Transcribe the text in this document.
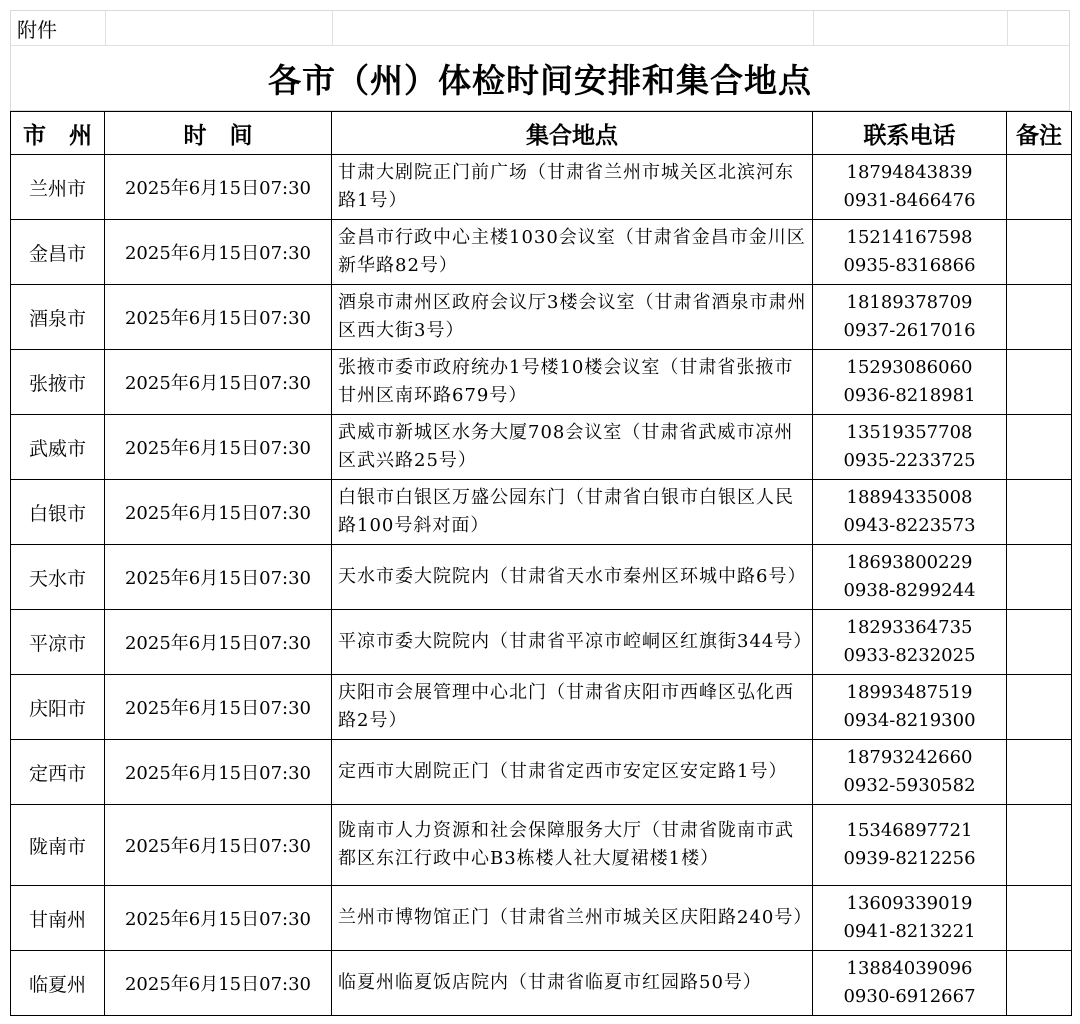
附件
各市（州）体检时间安排和集合地点
市　州	时　间	集合地点	联系电话	备注
兰州市	2025年6月15日07:30	甘肃大剧院正门前广场（甘肃省兰州市城关区北滨河东路1号）	18794843839
0931-8466476	

金昌市	2025年6月15日07:30	金昌市行政中心主楼1030会议室（甘肃省金昌市金川区新华路82号）	15214167598
0935-8316866	

酒泉市	2025年6月15日07:30	酒泉市肃州区政府会议厅3楼会议室（甘肃省酒泉市肃州区西大街3号）	18189378709
0937-2617016	

张掖市	2025年6月15日07:30	张掖市委市政府统办1号楼10楼会议室（甘肃省张掖市甘州区南环路679号）	15293086060
0936-8218981	

武威市	2025年6月15日07:30	武威市新城区水务大厦708会议室（甘肃省武威市凉州区武兴路25号）	13519357708
0935-2233725	

白银市	2025年6月15日07:30	白银市白银区万盛公园东门（甘肃省白银市白银区人民路100号斜对面）	18894335008
0943-8223573	

天水市	2025年6月15日07:30	天水市委大院院内（甘肃省天水市秦州区环城中路6号）	18693800229
0938-8299244	

平凉市	2025年6月15日07:30	平凉市委大院院内（甘肃省平凉市崆峒区红旗街344号）	18293364735
0933-8232025	

庆阳市	2025年6月15日07:30	庆阳市会展管理中心北门（甘肃省庆阳市西峰区弘化西路2号）	18993487519
0934-8219300	

定西市	2025年6月15日07:30	定西市大剧院正门（甘肃省定西市安定区安定路1号）	18793242660
0932-5930582	

陇南市	2025年6月15日07:30	陇南市人力资源和社会保障服务大厅（甘肃省陇南市武都区东江行政中心B3栋楼人社大厦裙楼1楼）	15346897721
0939-8212256	

甘南州	2025年6月15日07:30	兰州市博物馆正门（甘肃省兰州市城关区庆阳路240号）	13609339019
0941-8213221	

临夏州	2025年6月15日07:30	临夏州临夏饭店院内（甘肃省临夏市红园路50号）	13884039096
0930-6912667	
